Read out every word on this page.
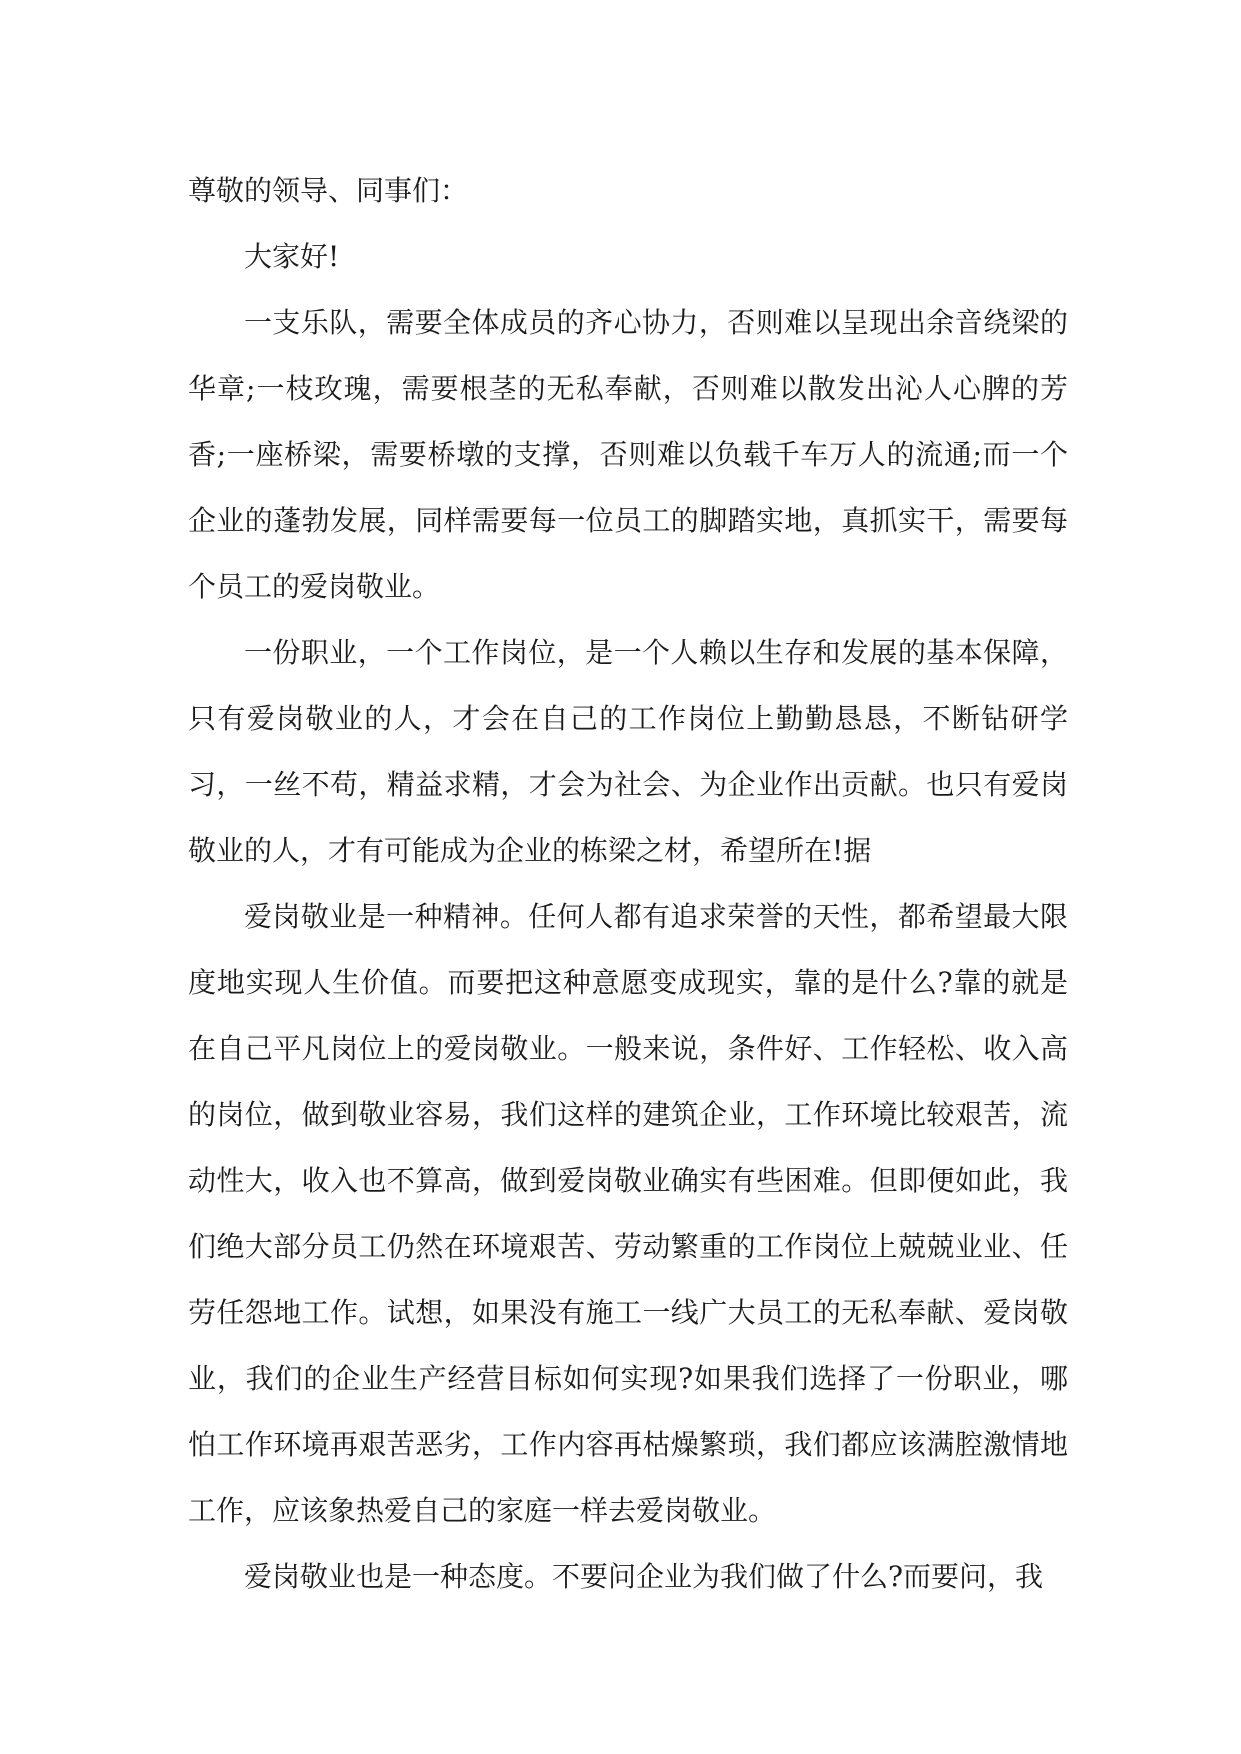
尊敬的领导、同事们：

大家好!

一支乐队，需要全体成员的齐心协力，否则难以呈现出余音绕梁的华章;一枝玫瑰，需要根茎的无私奉献，否则难以散发出沁人心脾的芳香;一座桥梁，需要桥墩的支撑，否则难以负载千车万人的流通;而一个企业的蓬勃发展，同样需要每一位员工的脚踏实地，真抓实干，需要每个员工的爱岗敬业。

一份职业，一个工作岗位，是一个人赖以生存和发展的基本保障，只有爱岗敬业的人，才会在自己的工作岗位上勤勤恳恳，不断钻研学习，一丝不苟，精益求精，才会为社会、为企业作出贡献。也只有爱岗敬业的人，才有可能成为企业的栋梁之材，希望所在!据

爱岗敬业是一种精神。任何人都有追求荣誉的天性，都希望最大限度地实现人生价值。而要把这种意愿变成现实，靠的是什么?靠的就是在自己平凡岗位上的爱岗敬业。一般来说，条件好、工作轻松、收入高的岗位，做到敬业容易，我们这样的建筑企业，工作环境比较艰苦，流动性大，收入也不算高，做到爱岗敬业确实有些困难。但即便如此，我们绝大部分员工仍然在环境艰苦、劳动繁重的工作岗位上兢兢业业、任劳任怨地工作。试想，如果没有施工一线广大员工的无私奉献、爱岗敬业，我们的企业生产经营目标如何实现?如果我们选择了一份职业，哪怕工作环境再艰苦恶劣，工作内容再枯燥繁琐，我们都应该满腔激情地工作，应该象热爱自己的家庭一样去爱岗敬业。

爱岗敬业也是一种态度。不要问企业为我们做了什么?而要问，我
